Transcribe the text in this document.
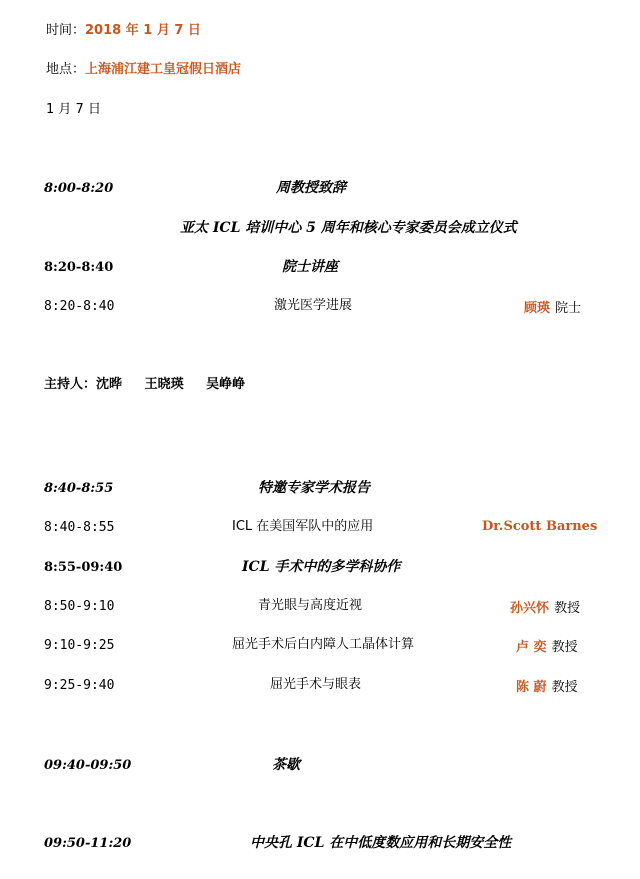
时间：2018 年 1 月 7 日
地点：上海浦江建工皇冠假日酒店
1 月 7 日
8:00-8:20	周教授致辞
亚太 ICL 培训中心 5 周年和核心专家委员会成立仪式
8:20-8:40	院士讲座
8:20-8:40	激光医学进展	顾瑛 院士
主持人：沈晔 王晓瑛 吴峥峥
8:40-8:55	特邀专家学术报告
8:40-8:55	ICL 在美国军队中的应用	Dr.Scott Barnes
8:55-09:40	ICL 手术中的多学科协作
8:50-9:10	青光眼与高度近视	孙兴怀 教授
9:10-9:25	屈光手术后白内障人工晶体计算	卢 奕 教授
9:25-9:40	屈光手术与眼表	陈 蔚 教授
09:40-09:50	茶歇
09:50-11:20	中央孔 ICL 在中低度数应用和长期安全性
